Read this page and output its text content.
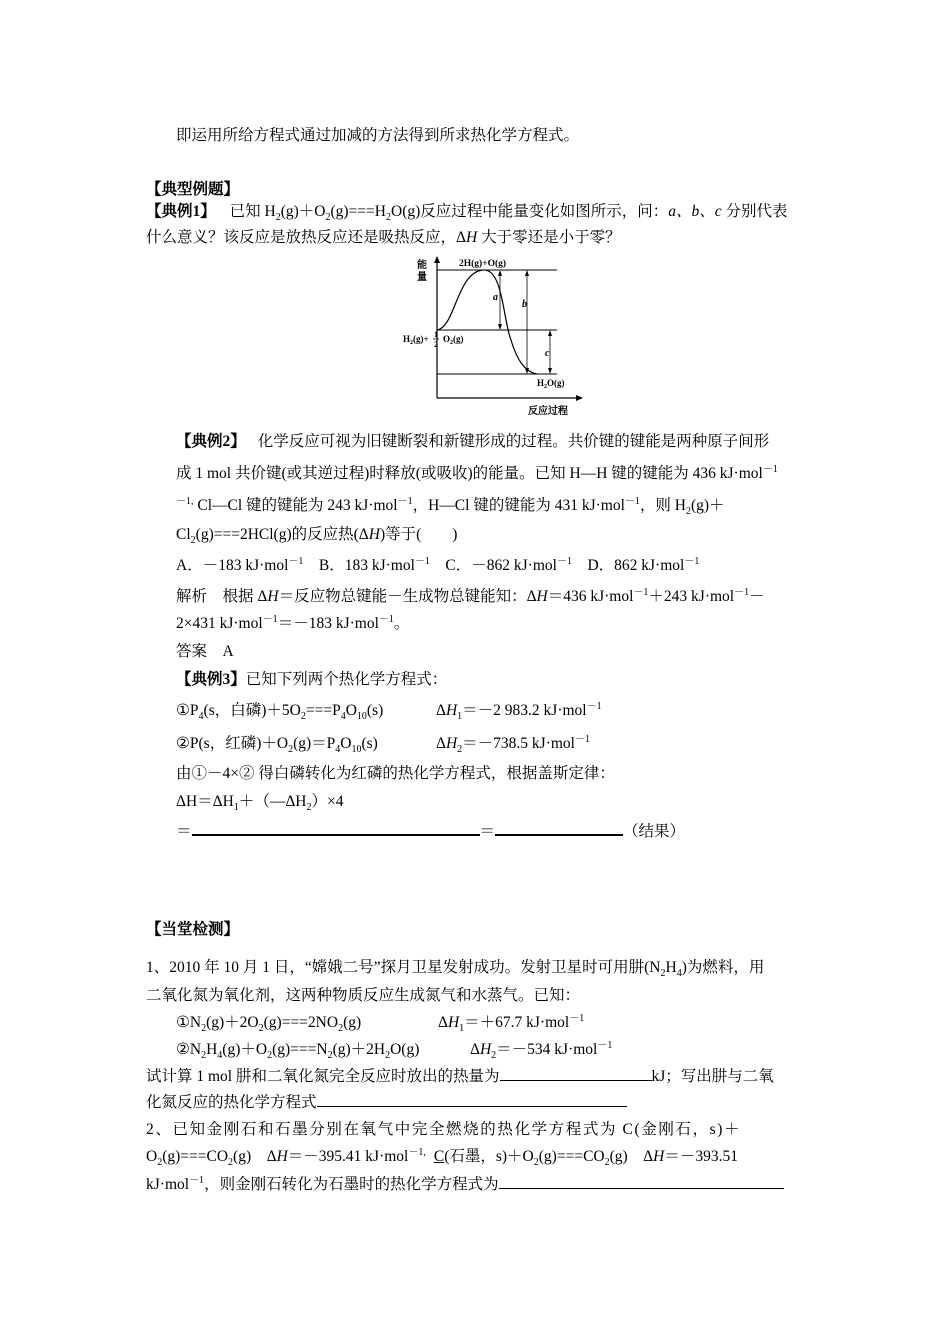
即运用所给方程式通过加减的方法得到所求热化学方程式。
【典型例题】
【典例1】 已知 $H_2(g)+O_2(g)===H_2O(g)$反应过程中能量变化如图所示，问：a、b、c 分别代表
什么意义？该反应是放热反应还是吸热反应，ΔH 大于零还是小于零？
能
量
反应过程
a
b
c
2H(g)+O(g)
$H_2(g)+ 1$
2
$O_2(g)$
$H_2O(g)$
【典例2】 化学反应可视为旧键断裂和新键形成的过程。共价键的键能是两种原子间形
成 1 mol 共价键(或其逆过程)时释放(或吸收)的能量。已知 H—H 键的键能为 436 kJ·mol$^{-1}$
$^{-1,}$ Cl—Cl 键的键能为 243 kJ·mol$^{-1}$，H—Cl 键的键能为 431 kJ·mol$^{-1}$，则 $H_2(g)+$
$Cl_2(g)===2HCl(g)$的反应热(ΔH)等于(　　)
A．－183 kJ·mol$^{-1}$　B．183 kJ·mol$^{-1}$　C．－862 kJ·mol$^{-1}$　D．862 kJ·mol$^{-1}$
解析　根据 ΔH＝反应物总键能－生成物总键能知：ΔH＝436 kJ·mol$^{-1}$＋243 kJ·mol$^{-1}$－
2×431 kJ·mol$^{-1}$＝－183 kJ·mol$^{-1}$。
答案　A
【典例3】已知下列两个热化学方程式：
$①P_4(s$，白磷)$+5O_2===P_4O_{10}(s)$	$\Delta H_1=-2$ 983.2 kJ·mol$^{-1}$
②P(s，红磷)$+O_2(g)=P_4O_{10}(s)$	$\Delta H_2=-738.5$ kJ·mol$^{-1}$
由①－4×② 得白磷转化为红磷的热化学方程式，根据盖斯定律：
$\Delta H=\Delta H_1+(—\Delta H_2)\times 4$
＝	＝	（结果）
【当堂检测】
1、2010 年 10 月 1 日，“嫦娥二号”探月卫星发射成功。发射卫星时可用肼$(N_2H_4)$为燃料，用
二氧化氮为氧化剂，这两种物质反应生成氮气和水蒸气。已知：
$①N_2(g)+2O_2(g)===2NO_2(g)$	$\Delta H_1=+67.7$ kJ·mol$^{-1}$
$②N_2H_4(g)+O_2(g)===N_2(g)+2H_2O(g)$	$\Delta H_2=-534$ kJ·mol$^{-1}$
试计算 1 mol 肼和二氧化氮完全反应时放出的热量为	kJ；写出肼与二氧
化氮反应的热化学方程式
2、已知金刚石和石墨分别在氧气中完全燃烧的热化学方程式为 C(金刚石，s)＋
$O_2(g)===CO_2(g)$　ΔH＝－395.41 kJ·mol$^{-1,}$ C(石墨，$s)+O_2(g)===CO_2(g)$　ΔH＝－393.51
kJ·mol$^{-1}$，则金刚石转化为石墨时的热化学方程式为
